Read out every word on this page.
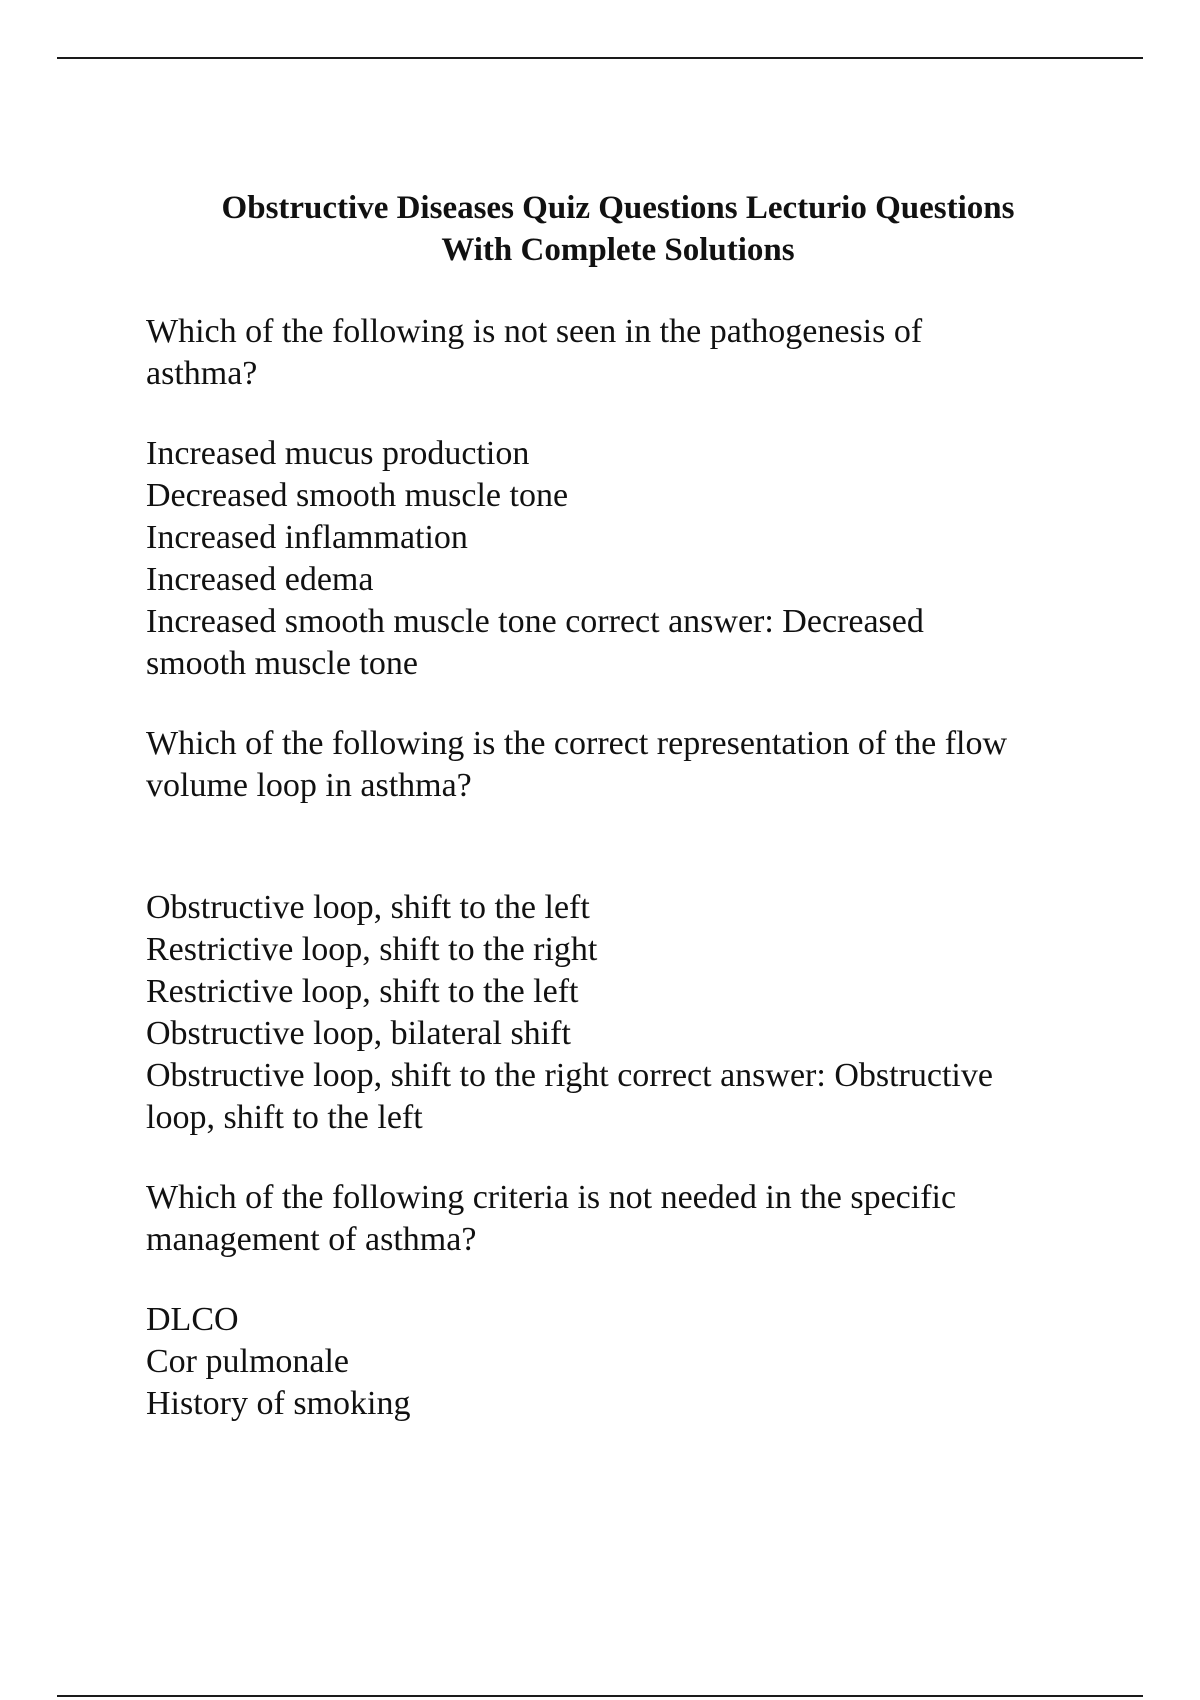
Obstructive Diseases Quiz Questions Lecturio Questions
With Complete Solutions
Which of the following is not seen in the pathogenesis of
asthma?
Increased mucus production
Decreased smooth muscle tone
Increased inflammation
Increased edema
Increased smooth muscle tone correct answer: Decreased
smooth muscle tone
Which of the following is the correct representation of the flow
volume loop in asthma?
Obstructive loop, shift to the left
Restrictive loop, shift to the right
Restrictive loop, shift to the left
Obstructive loop, bilateral shift
Obstructive loop, shift to the right correct answer: Obstructive
loop, shift to the left
Which of the following criteria is not needed in the specific
management of asthma?
DLCO
Cor pulmonale
History of smoking
